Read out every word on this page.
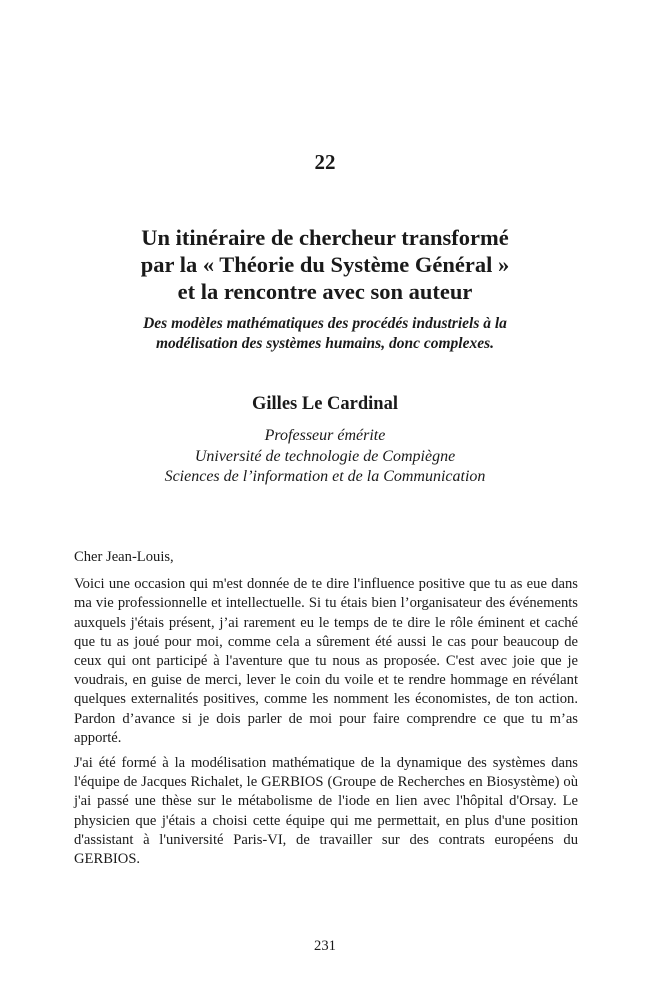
22
Un itinéraire de chercheur transformé
par la « Théorie du Système Général »
et la rencontre avec son auteur
Des modèles mathématiques des procédés industriels à la
modélisation des systèmes humains, donc complexes.
Gilles Le Cardinal
Professeur émérite
Université de technologie de Compiègne
Sciences de l’information et de la Communication

Cher Jean-Louis,

Voici une occasion qui m'est donnée de te dire l'influence positive que tu as eue dans ma vie professionnelle et intellectuelle. Si tu étais bien l’organisateur des événements auxquels j'étais présent, j’ai rarement eu le temps de te dire le rôle éminent et caché que tu as joué pour moi, comme cela a sûrement été aussi le cas pour beaucoup de ceux qui ont participé à l'aventure que tu nous as proposée. C'est avec joie que je voudrais, en guise de merci, lever le coin du voile et te rendre hommage en révélant quelques externalités positives, comme les nomment les économistes, de ton action. Pardon d’avance si je dois parler de moi pour faire comprendre ce que tu m’as apporté.

J'ai été formé à la modélisation mathématique de la dynamique des systèmes dans l'équipe de Jacques Richalet, le GERBIOS (Groupe de Recherches en Biosystème) où j'ai passé une thèse sur le métabolisme de l'iode en lien avec l'hôpital d'Orsay. Le physicien que j'étais a choisi cette équipe qui me permettait, en plus d'une position d'assistant à l'université Paris-VI, de travailler sur des contrats européens du GERBIOS.

231
